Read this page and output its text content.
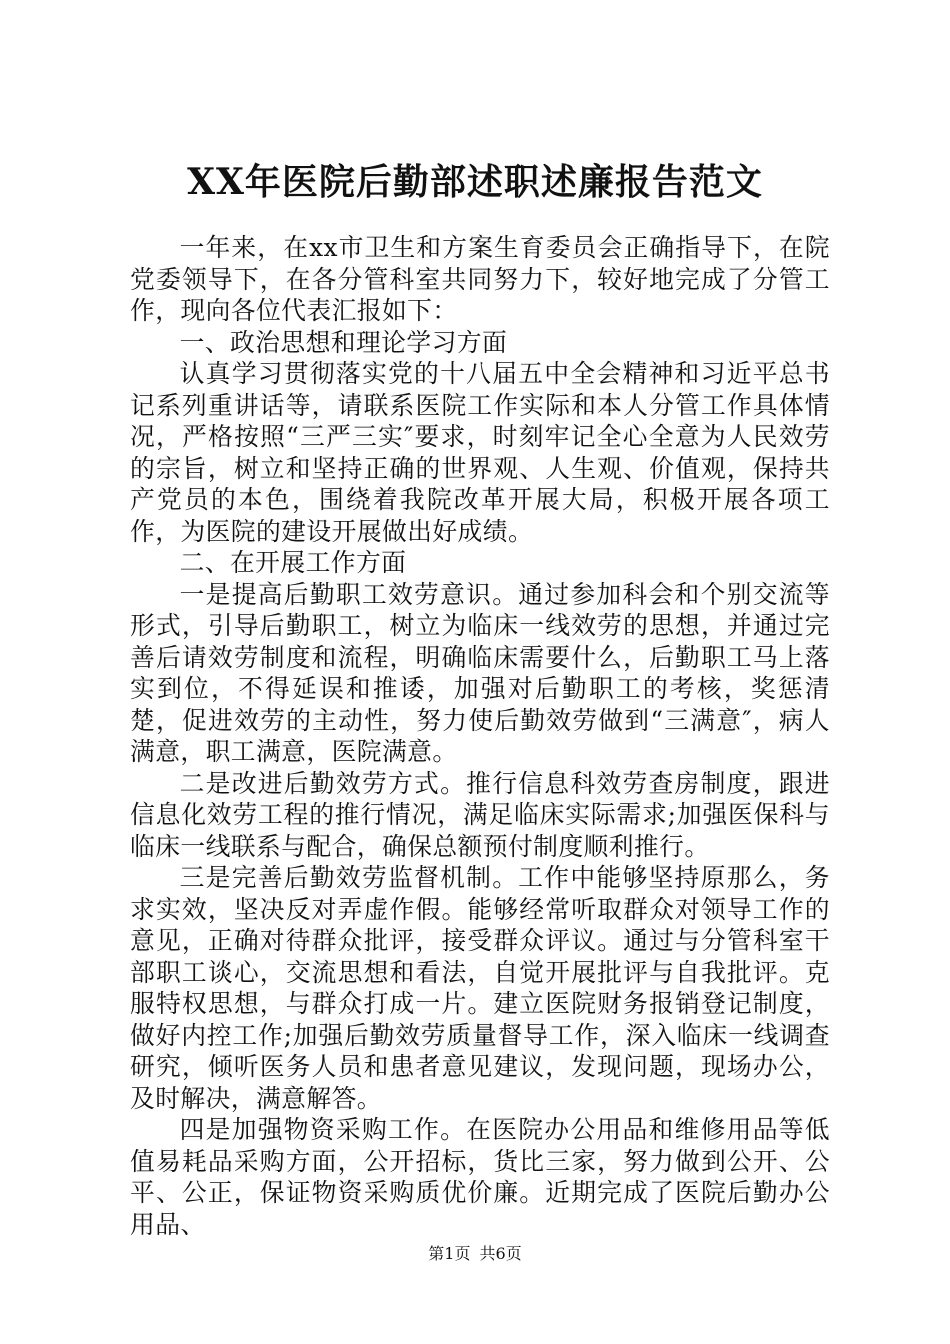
XX年医院后勤部述职述廉报告范文

一年来，在xx市卫生和方案生育委员会正确指导下，在院党委领导下，在各分管科室共同努力下，较好地完成了分管工作，现向各位代表汇报如下：

一、政治思想和理论学习方面

认真学习贯彻落实党的十八届五中全会精神和习近平总书记系列重讲话等，请联系医院工作实际和本人分管工作具体情况，严格按照“三严三实″要求，时刻牢记全心全意为人民效劳的宗旨，树立和坚持正确的世界观、人生观、价值观，保持共产党员的本色，围绕着我院改革开展大局，积极开展各项工作，为医院的建设开展做出好成绩。

二、在开展工作方面

一是提高后勤职工效劳意识。通过参加科会和个别交流等形式，引导后勤职工，树立为临床一线效劳的思想，并通过完善后请效劳制度和流程，明确临床需要什么，后勤职工马上落实到位，不得延误和推诿，加强对后勤职工的考核，奖惩清楚，促进效劳的主动性，努力使后勤效劳做到“三满意″，病人满意，职工满意，医院满意。

二是改进后勤效劳方式。推行信息科效劳查房制度，跟进信息化效劳工程的推行情况，满足临床实际需求;加强医保科与临床一线联系与配合，确保总额预付制度顺利推行。

三是完善后勤效劳监督机制。工作中能够坚持原那么，务求实效，坚决反对弄虚作假。能够经常听取群众对领导工作的意见，正确对待群众批评，接受群众评议。通过与分管科室干部职工谈心，交流思想和看法，自觉开展批评与自我批评。克服特权思想，与群众打成一片。建立医院财务报销登记制度，做好内控工作;加强后勤效劳质量督导工作，深入临床一线调查研究，倾听医务人员和患者意见建议，发现问题，现场办公，及时解决，满意解答。

四是加强物资采购工作。在医院办公用品和维修用品等低值易耗品采购方面，公开招标，货比三家，努力做到公开、公平、公正，保证物资采购质优价廉。近期完成了医院后勤办公用品、

第1页 共6页
